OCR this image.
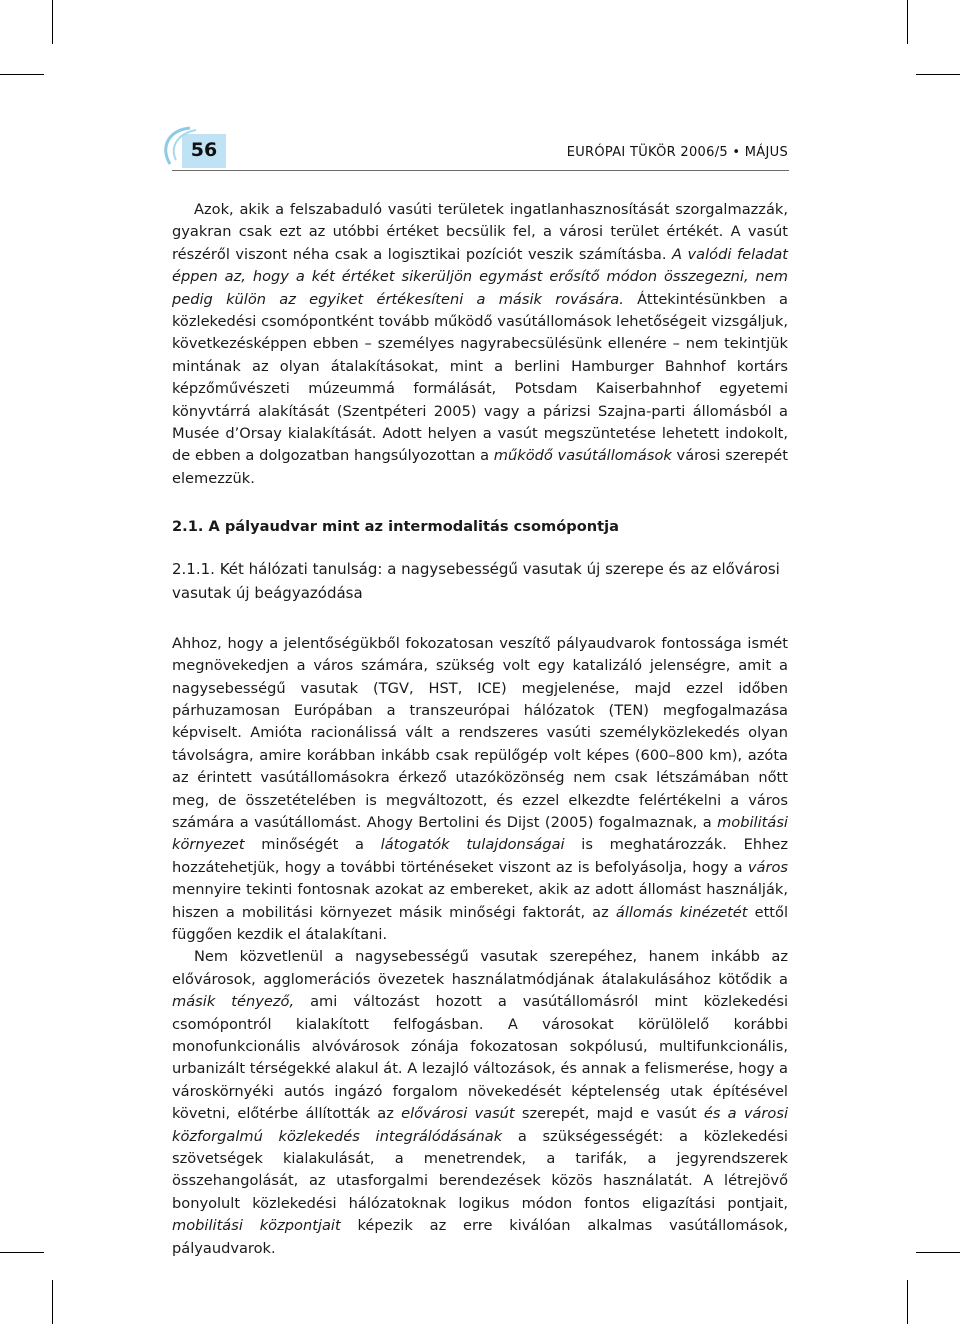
56	EURÓPAI TÜKÖR 2006/5 • MÁJUS

Azok, akik a felszabaduló vasúti területek ingatlanhasznosítását szorgalmazzák, gyakran csak ezt az utóbbi értéket becsülik fel, a városi terület értékét. A vasút részéről viszont néha csak a logisztikai pozíciót veszik számításba. A valódi feladat éppen az, hogy a két értéket sikerüljön egymást erősítő módon összegezni, nem pedig külön az egyiket értékesíteni a másik rovására. Áttekintésünkben a közlekedési csomópontként tovább működő vasútállomások lehetőségeit vizsgáljuk, következésképpen ebben – személyes nagyrabecsülésünk ellenére – nem tekintjük mintának az olyan átalakításokat, mint a berlini Hamburger Bahnhof kortárs képzőművészeti múzeummá formálását, Potsdam Kaiserbahnhof egyetemi könyvtárrá alakítását (Szentpéteri 2005) vagy a párizsi Szajna-parti állomásból a Musée d’Orsay kialakítását. Adott helyen a vasút megszüntetése lehetett indokolt, de ebben a dolgozatban hangsúlyozottan a működő vasútállomások városi szerepét elemezzük.

2.1. A pályaudvar mint az intermodalitás csomópontja

2.1.1. Két hálózati tanulság: a nagysebességű vasutak új szerepe és az elővárosi vasutak új beágyazódása

Ahhoz, hogy a jelentőségükből fokozatosan veszítő pályaudvarok fontossága ismét megnövekedjen a város számára, szükség volt egy katalizáló jelenségre, amit a nagysebességű vasutak (TGV, HST, ICE) megjelenése, majd ezzel időben párhuzamosan Európában a transzeurópai hálózatok (TEN) megfogalmazása képviselt. Amióta racionálissá vált a rendszeres vasúti személyközlekedés olyan távolságra, amire korábban inkább csak repülőgép volt képes (600–800 km), azóta az érintett vasútállomásokra érkező utazóközönség nem csak létszámában nőtt meg, de összetételében is megváltozott, és ezzel elkezdte felértékelni a város számára a vasútállomást. Ahogy Bertolini és Dijst (2005) fogalmaznak, a mobilitási környezet minőségét a látogatók tulajdonságai is meghatározzák. Ehhez hozzátehetjük, hogy a további történéseket viszont az is befolyásolja, hogy a város mennyire tekinti fontosnak azokat az embereket, akik az adott állomást használják, hiszen a mobilitási környezet másik minőségi faktorát, az állomás kinézetét ettől függően kezdik el átalakítani.

Nem közvetlenül a nagysebességű vasutak szerepéhez, hanem inkább az elővárosok, agglomerációs övezetek használatmódjának átalakulásához kötődik a másik tényező, ami változást hozott a vasútállomásról mint közlekedési csomópontról kialakított felfogásban. A városokat körülölelő korábbi monofunkcionális alvóvárosok zónája fokozatosan sokpólusú, multifunkcionális, urbanizált térségekké alakul át. A lezajló változások, és annak a felismerése, hogy a városkörnyéki autós ingázó forgalom növekedését képtelenség utak építésével követni, előtérbe állították az elővárosi vasút szerepét, majd e vasút és a városi közforgalmú közlekedés integrálódásának a szükségességét: a közlekedési szövetségek kialakulását, a menetrendek, a tarifák, a jegyrendszerek összehangolását, az utasforgalmi berendezések közös használatát. A létrejövő bonyolult közlekedési hálózatoknak logikus módon fontos eligazítási pontjait, mobilitási központjait képezik az erre kiválóan alkalmas vasútállomások, pályaudvarok.
